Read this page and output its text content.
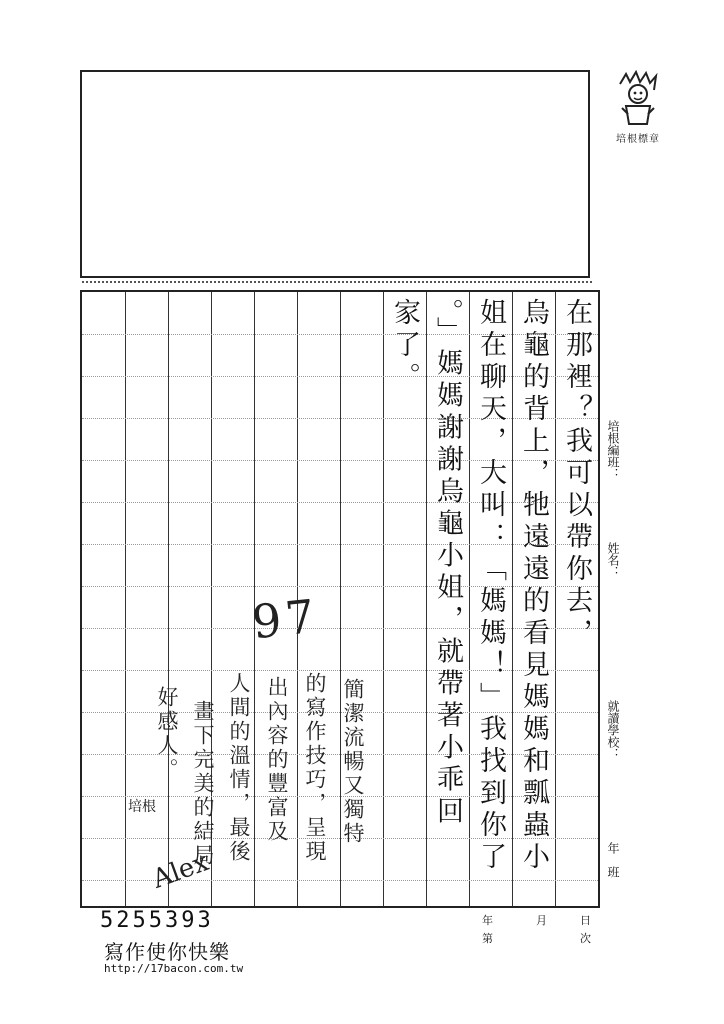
培根標章
培根編班：
姓名：
就讀學校：
年　班
在那裡？我可以帶你去，
烏龜的背上，牠遠遠的看見媽媽和瓢蟲小
姐在聊天，大叫：「媽媽！」我找到你了
。」媽媽謝謝烏龜小姐，就帶著小乖回
家了。
簡潔流暢又獨特
的寫作技巧，呈現
出內容的豐富及
人間的溫情，最後
畫下完美的結局
好感人。
97
培根
Alex
年	月	日
第	次
5255393
寫作使你快樂
http://17bacon.com.tw
